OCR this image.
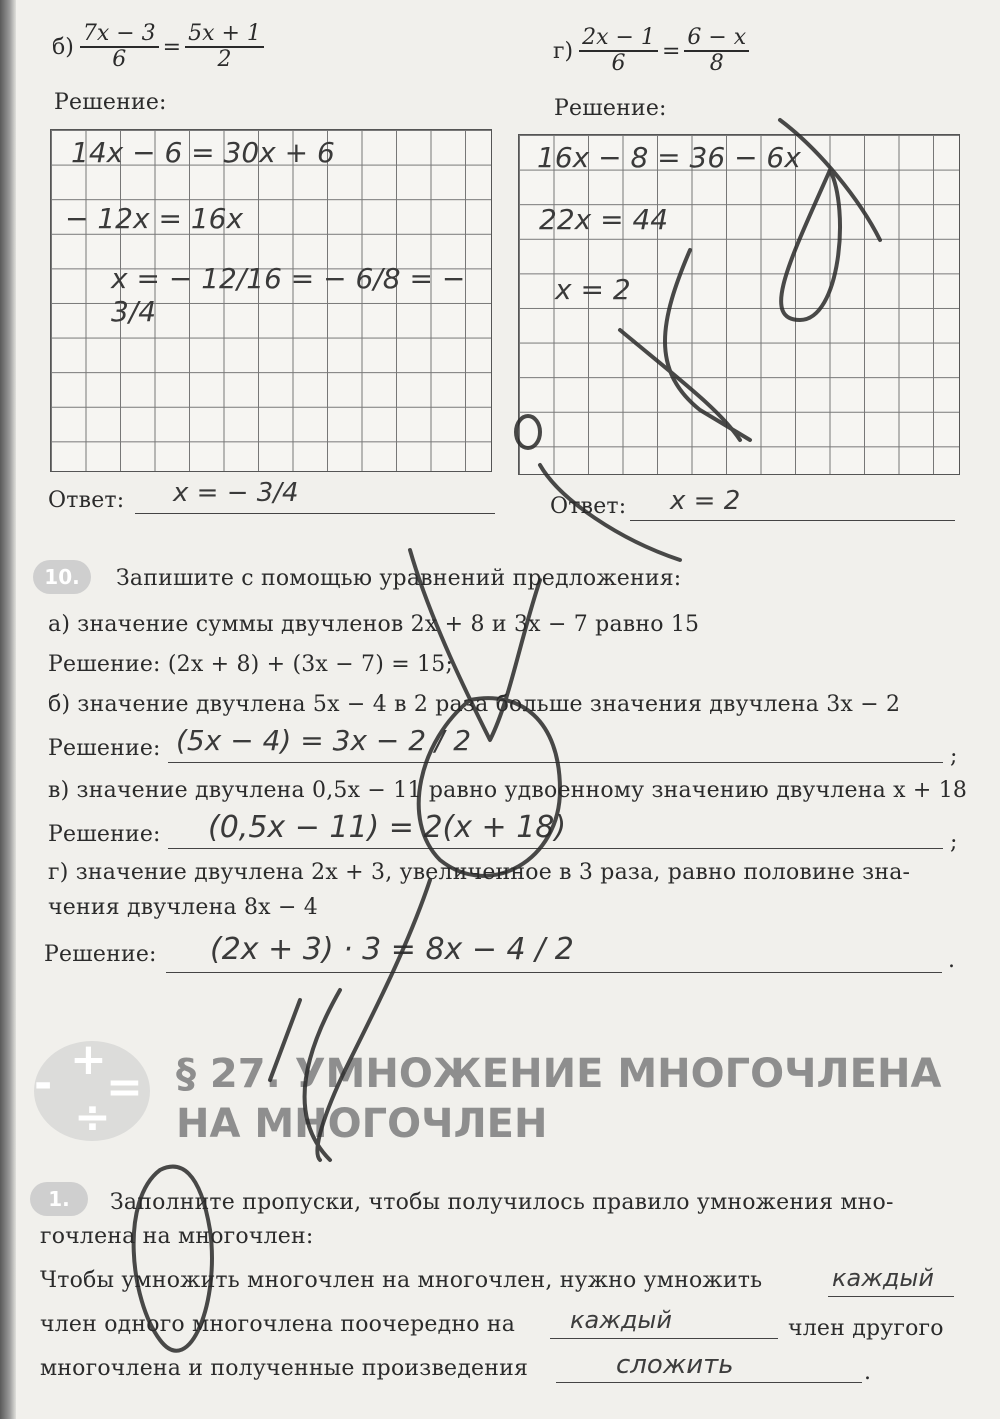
$б) \frac{7x - 3}{6} = \frac{5x + 1}{2}$
Решение:
14x − 6 = 30x + 6
− 12x = 16x
x = − 12/16 = − 6/8 = − 3/4
Ответ: x = − 3/4
$г) \frac{2x - 1}{6} = \frac{6 - x}{8}$
Решение:
16x − 8 = 36 − 6x
22x = 44
x = 2
Ответ: x = 2
10.	Запишите с помощью уравнений предложения:
а) значение суммы двучленов 2x + 8 и 3x − 7 равно 15
Решение: (2x + 8) + (3x − 7) = 15;
б) значение двучлена 5x − 4 в 2 раза больше значения двучлена 3x − 2
Решение: (5x − 4) = 3x − 2 / 2	;
в) значение двучлена 0,5x − 11 равно удвоенному значению двучлена x + 18
Решение: (0,5x − 11) = 2(x + 18)	;
г) значение двучлена 2x + 3, увеличенное в 3 раза, равно половине зна-
чения двучлена 8x − 4
Решение: (2x + 3) · 3 = 8x − 4 / 2	.
- +
÷
= § 27. УМНОЖЕНИЕ МНОГОЧЛЕНА
НА МНОГОЧЛЕН
1.	Заполните пропуски, чтобы получилось правило умножения мно-
гочлена на многочлен:
Чтобы умножить многочлен на многочлен, нужно умножить	каждый
член одного многочлена поочередно на каждый	член другого
многочлена и полученные произведения	сложить	.
